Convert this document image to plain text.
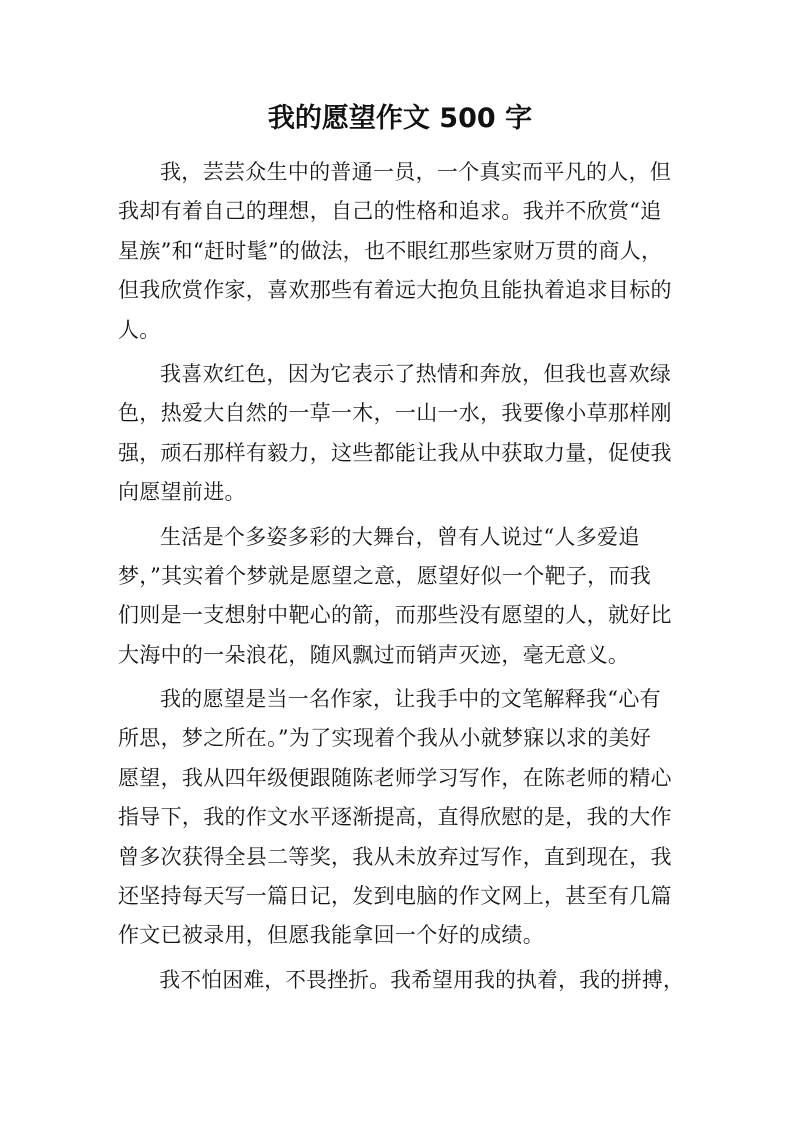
我的愿望作文 500 字
我，芸芸众生中的普通一员，一个真实而平凡的人，但
我却有着自己的理想，自己的性格和追求。我并不欣赏“追
星族”和“赶时髦”的做法，也不眼红那些家财万贯的商人，
但我欣赏作家，喜欢那些有着远大抱负且能执着追求目标的
人。
我喜欢红色，因为它表示了热情和奔放，但我也喜欢绿
色，热爱大自然的一草一木，一山一水，我要像小草那样刚
强，顽石那样有毅力，这些都能让我从中获取力量，促使我
向愿望前进。
生活是个多姿多彩的大舞台，曾有人说过“人多爱追
梦，”其实着个梦就是愿望之意，愿望好似一个靶子，而我
们则是一支想射中靶心的箭，而那些没有愿望的人，就好比
大海中的一朵浪花，随风飘过而销声灭迹，毫无意义。
我的愿望是当一名作家，让我手中的文笔解释我“心有
所思，梦之所在。”为了实现着个我从小就梦寐以求的美好
愿望，我从四年级便跟随陈老师学习写作，在陈老师的精心
指导下，我的作文水平逐渐提高，直得欣慰的是，我的大作
曾多次获得全县二等奖，我从未放弃过写作，直到现在，我
还坚持每天写一篇日记，发到电脑的作文网上，甚至有几篇
作文已被录用，但愿我能拿回一个好的成绩。
我不怕困难，不畏挫折。我希望用我的执着，我的拼搏，
